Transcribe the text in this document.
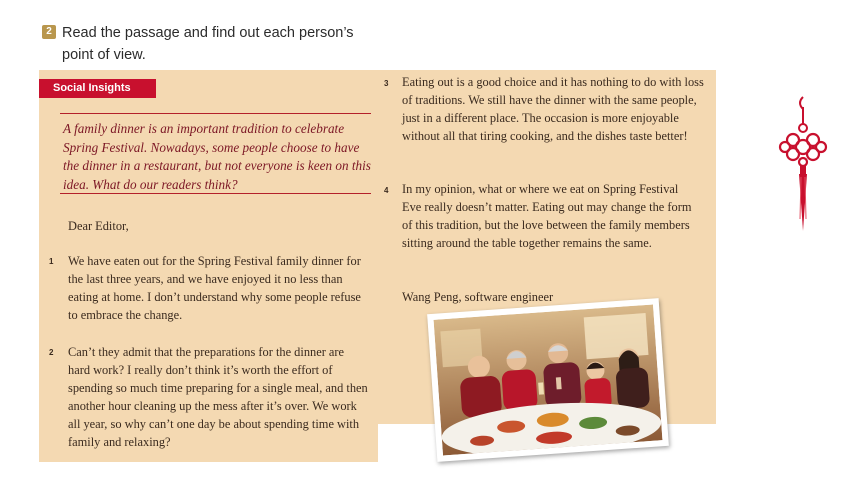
2 Read the passage and find out each person’s point of view.
Social Insights
A family dinner is an important tradition to celebrate Spring Festival. Nowadays, some people choose to have the dinner in a restaurant, but not everyone is keen on this idea. What do our readers think?
Dear Editor,
1 We have eaten out for the Spring Festival family dinner for the last three years, and we have enjoyed it no less than eating at home. I don’t understand why some people refuse to embrace the change.
2 Can’t they admit that the preparations for the dinner are hard work? I really don’t think it’s worth the effort of spending so much time preparing for a single meal, and then another hour cleaning up the mess after it’s over. We work all year, so why can’t one day be about spending time with family and relaxing?
3 Eating out is a good choice and it has nothing to do with loss of traditions. We still have the dinner with the same people, just in a different place. The occasion is more enjoyable without all that tiring cooking, and the dishes taste better!
4 In my opinion, what or where we eat on Spring Festival Eve really doesn’t matter. Eating out may change the form of this tradition, but the love between the family members sitting around the table together remains the same.
Wang Peng, software engineer
